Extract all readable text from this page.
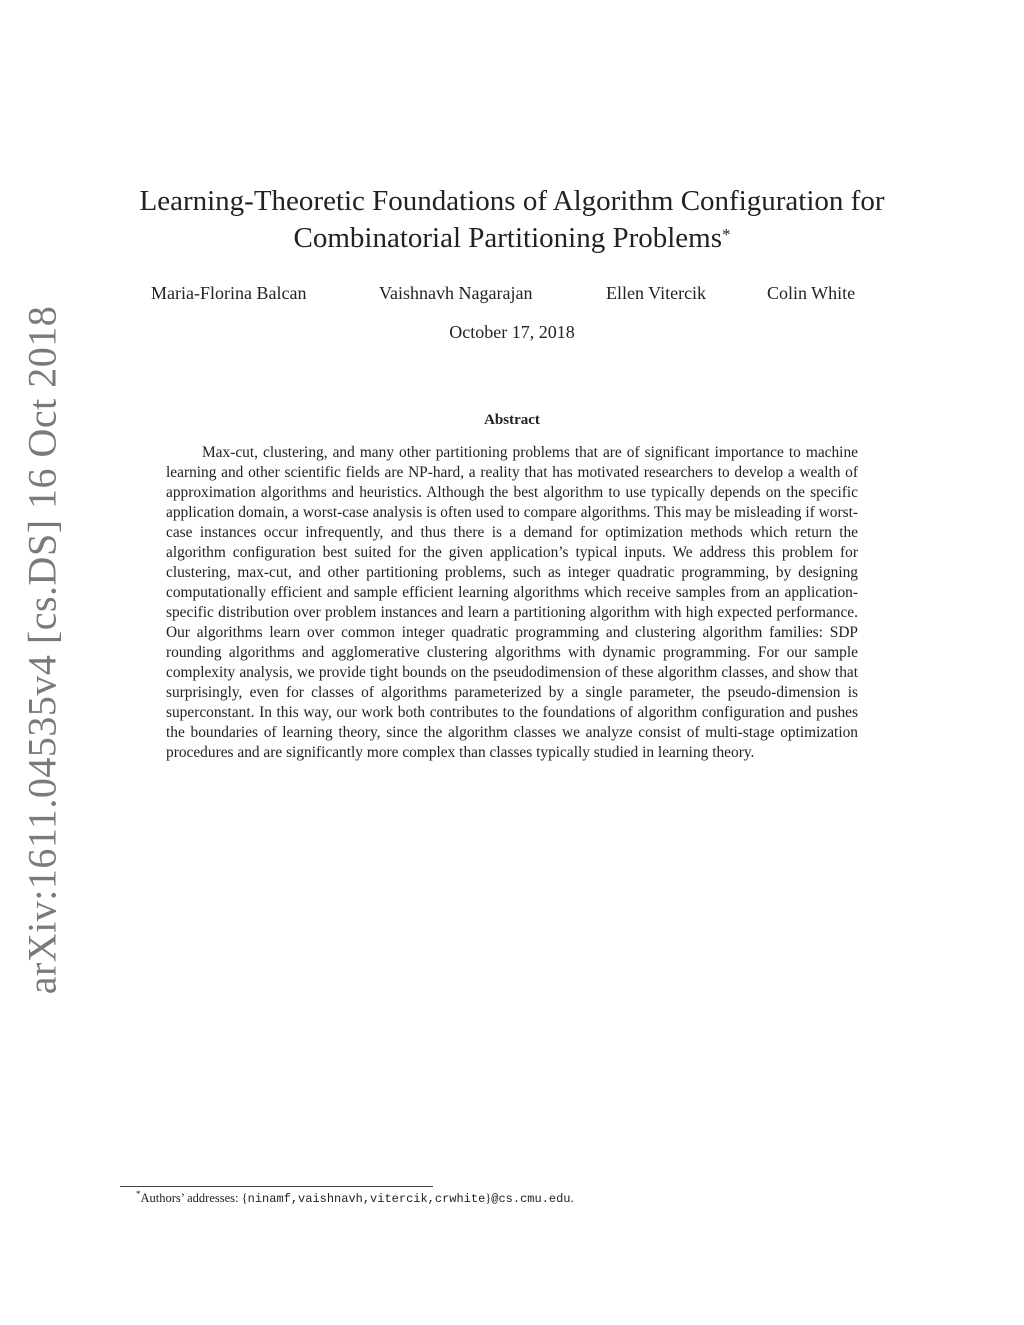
arXiv:1611.04535v4 [cs.DS] 16 Oct 2018
Learning-Theoretic Foundations of Algorithm Configuration for
Combinatorial Partitioning Problems*
Maria-Florina Balcan	Vaishnavh Nagarajan	Ellen Vitercik	Colin White
October 17, 2018
Abstract

Max-cut, clustering, and many other partitioning problems that are of significant importance to machine learning and other scientific fields are NP-hard, a reality that has motivated researchers to develop a wealth of approximation algorithms and heuristics. Although the best algorithm to use typically depends on the specific application domain, a worst-case analysis is often used to compare algorithms. This may be misleading if worst-case instances occur infrequently, and thus there is a demand for optimization methods which return the algorithm configuration best suited for the given application’s typical inputs. We address this problem for clustering, max-cut, and other partitioning problems, such as integer quadratic programming, by designing computationally efficient and sample efficient learning algorithms which receive samples from an application-specific distribution over problem instances and learn a partitioning algorithm with high expected performance. Our algorithms learn over common integer quadratic programming and clustering algorithm families: SDP rounding algorithms and agglomerative clustering algorithms with dynamic programming. For our sample complexity analysis, we provide tight bounds on the pseudodimension of these algorithm classes, and show that surprisingly, even for classes of algorithms parameterized by a single parameter, the pseudo-dimension is superconstant. In this way, our work both contributes to the foundations of algorithm configuration and pushes the boundaries of learning theory, since the algorithm classes we analyze consist of multi-stage optimization procedures and are significantly more complex than classes typically studied in learning theory.

*Authors’ addresses: {ninamf,vaishnavh,vitercik,crwhite}@cs.cmu.edu.
